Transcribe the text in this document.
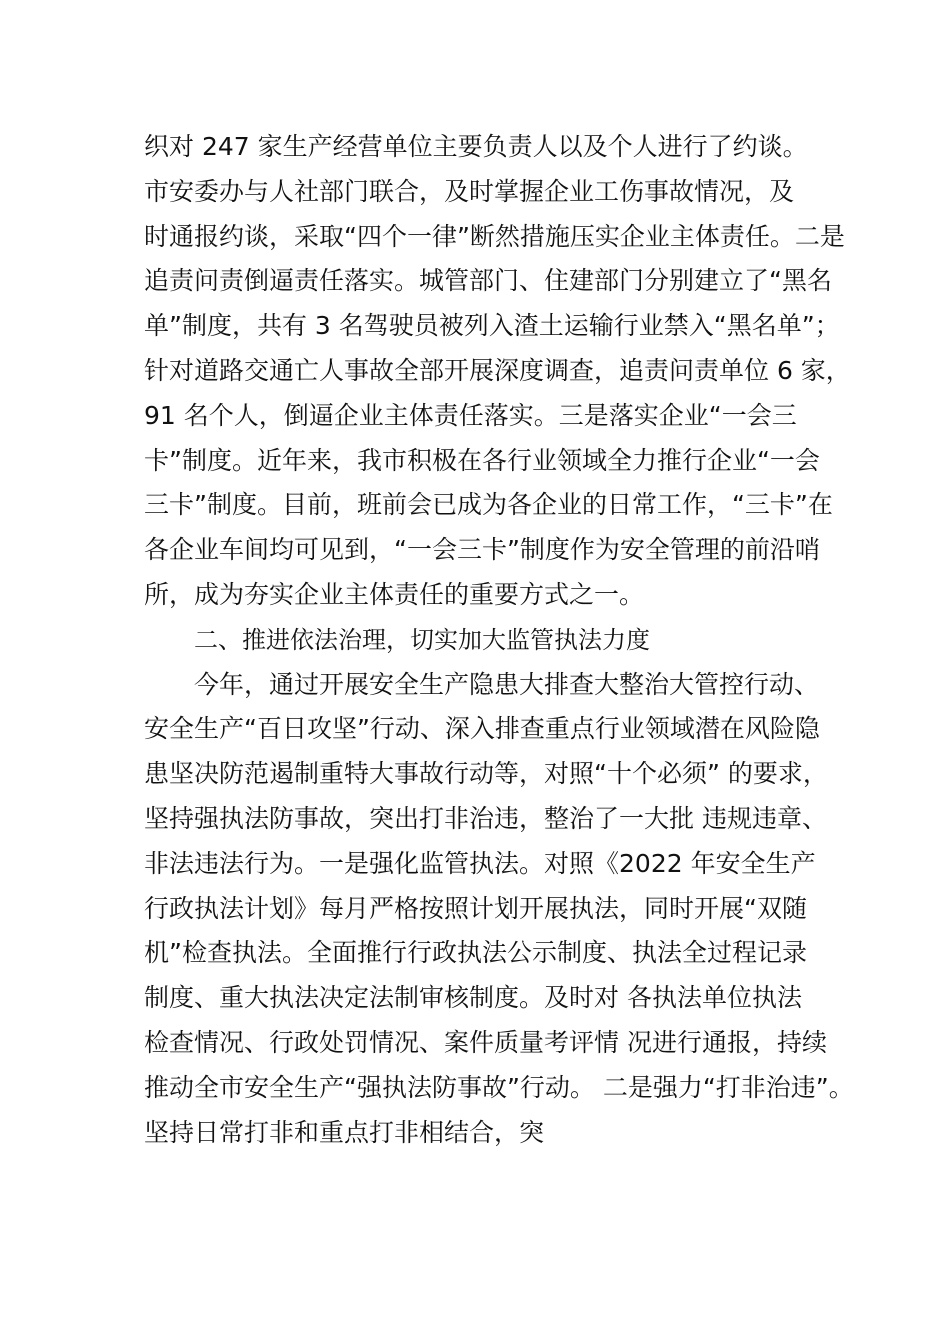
织对 247 家生产经营单位主要负责人以及个人进行了约谈。
市安委办与人社部门联合，及时掌握企业工伤事故情况，及
时通报约谈，采取“四个一律”断然措施压实企业主体责任。二是
追责问责倒逼责任落实。城管部门、住建部门分别建立了“黑名
单”制度，共有 3 名驾驶员被列入渣土运输行业禁入“黑名单”；
针对道路交通亡人事故全部开展深度调查，追责问责单位 6 家，
91 名个人，倒逼企业主体责任落实。三是落实企业“一会三
卡”制度。近年来，我市积极在各行业领域全力推行企业“一会
三卡”制度。目前，班前会已成为各企业的日常工作，“三卡”在
各企业车间均可见到，“一会三卡”制度作为安全管理的前沿哨
所，成为夯实企业主体责任的重要方式之一。
二、推进依法治理，切实加大监管执法力度
今年，通过开展安全生产隐患大排查大整治大管控行动、
安全生产“百日攻坚”行动、深入排查重点行业领域潜在风险隐
患坚决防范遏制重特大事故行动等，对照“十个必须” 的要求，
坚持强执法防事故，突出打非治违，整治了一大批 违规违章、
非法违法行为。一是强化监管执法。对照《2022 年安全生产
行政执法计划》每月严格按照计划开展执法，同时开展“双随
机”检查执法。全面推行行政执法公示制度、执法全过程记录
制度、重大执法决定法制审核制度。及时对 各执法单位执法
检查情况、行政处罚情况、案件质量考评情 况进行通报，持续
推动全市安全生产“强执法防事故”行动。 二是强力“打非治违”。
坚持日常打非和重点打非相结合，突
